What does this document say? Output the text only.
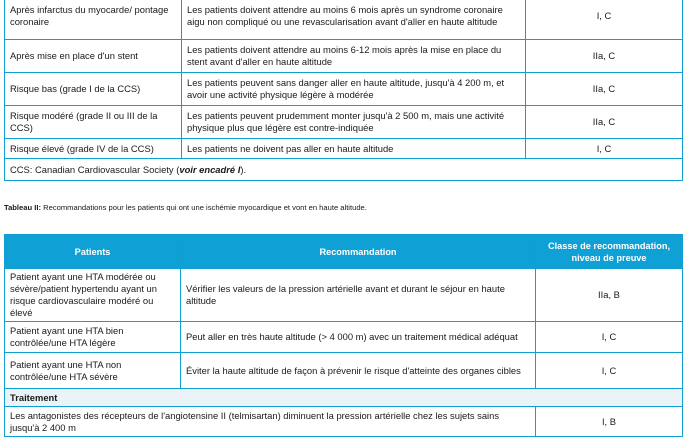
Après infarctus du myocarde/ pontage coronaire	Les patients doivent attendre au moins 6 mois après un syndrome coronaire aigu non compliqué ou une revascularisation avant d'aller en haute altitude	I, C
Après mise en place d'un stent	Les patients doivent attendre au moins 6-12 mois après la mise en place du stent avant d'aller en haute altitude	IIa, C
Risque bas (grade I de la CCS)	Les patients peuvent sans danger aller en haute altitude, jusqu'à 4 200 m, et avoir une activité physique légère à modérée	IIa, C
Risque modéré (grade II ou III de la CCS)	Les patients peuvent prudemment monter jusqu'à 2 500 m, mais une activité physique plus que légère est contre-indiquée	IIa, C
Risque élevé (grade IV de la CCS)	Les patients ne doivent pas aller en haute altitude	I, C
CCS: Canadian Cardiovascular Society (voir encadré I).		
Tableau II: Recommandations pour les patients qui ont une ischémie myocardique et vont en haute altitude.
Patients	Recommandation	Classe de recommandation, niveau de preuve
Patient ayant une HTA modérée ou sévère/patient hypertendu ayant un risque cardiovasculaire modéré ou élevé	Vérifier les valeurs de la pression artérielle avant et durant le séjour en haute altitude	IIa, B
Patient ayant une HTA bien contrôlée/une HTA légère	Peut aller en très haute altitude (> 4 000 m) avec un traitement médical adéquat	I, C
Patient ayant une HTA non contrôlée/une HTA sévère	Éviter la haute altitude de façon à prévenir le risque d'atteinte des organes cibles	I, C
Traitement		
Les antagonistes des récepteurs de l'angiotensine II (telmisartan) diminuent la pression artérielle chez les sujets sains jusqu'à 2 400 m		I, B
